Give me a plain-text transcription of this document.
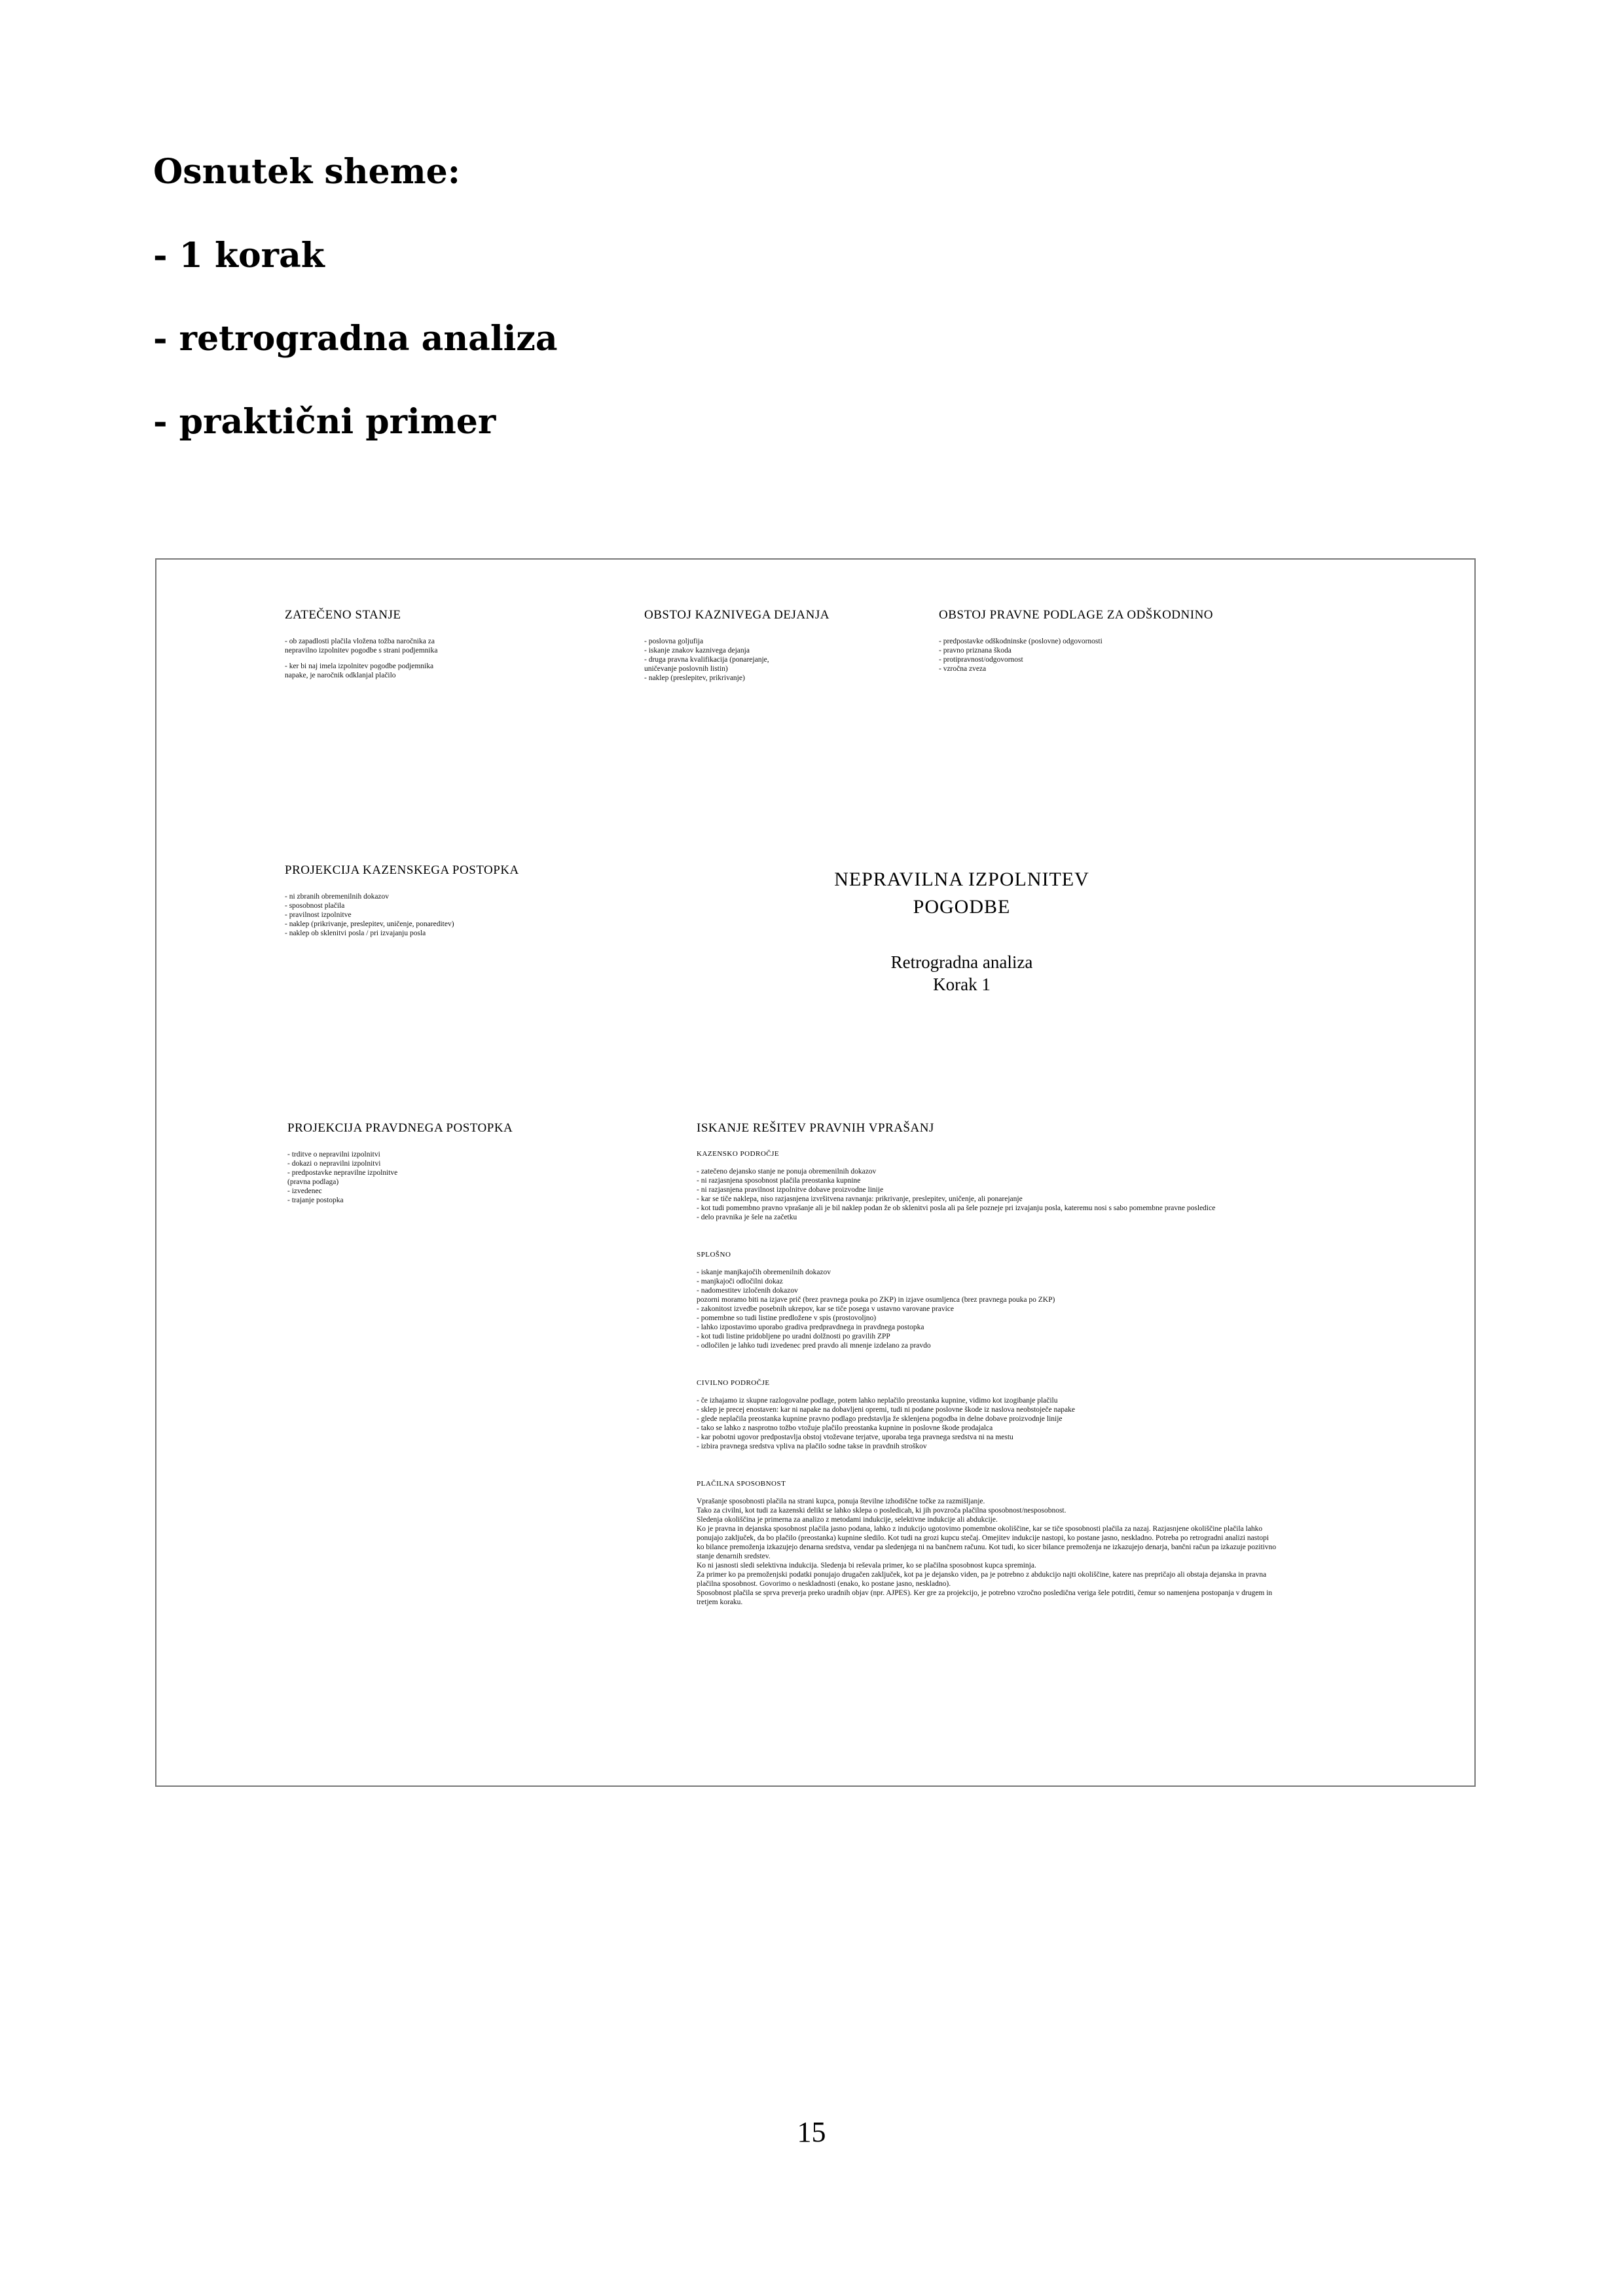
Osnutek sheme:
- 1 korak
- retrogradna analiza
- praktični primer
ZATEČENO STANJE
- ob zapadlosti plačila vložena tožba naročnika za
nepravilno izpolnitev pogodbe s strani podjemnika
- ker bi naj imela izpolnitev pogodbe podjemnika
napake, je naročnik odklanjal plačilo
OBSTOJ KAZNIVEGA DEJANJA
- poslovna goljufija
- iskanje znakov kaznivega dejanja
- druga pravna kvalifikacija (ponarejanje,
uničevanje poslovnih listin)
- naklep (preslepitev, prikrivanje)
OBSTOJ PRAVNE PODLAGE ZA ODŠKODNINO
- predpostavke odškodninske (poslovne) odgovornosti
- pravno priznana škoda
- protipravnost/odgovornost
- vzročna zveza
PROJEKCIJA KAZENSKEGA POSTOPKA
- ni zbranih obremenilnih dokazov
- sposobnost plačila
- pravilnost izpolnitve
- naklep (prikrivanje, preslepitev, uničenje, ponareditev)
- naklep ob sklenitvi posla / pri izvajanju posla
NEPRAVILNA IZPOLNITEV
POGODBE
Retrogradna analiza
Korak 1
PROJEKCIJA PRAVDNEGA POSTOPKA
- trditve o nepravilni izpolnitvi
- dokazi o nepravilni izpolnitvi
- predpostavke nepravilne izpolnitve
(pravna podlaga)
- izvedenec
- trajanje postopka
ISKANJE REŠITEV PRAVNIH VPRAŠANJ
KAZENSKO PODROČJE
- zatečeno dejansko stanje ne ponuja obremenilnih dokazov
- ni razjasnjena sposobnost plačila preostanka kupnine
- ni razjasnjena pravilnost izpolnitve dobave proizvodne linije
- kar se tiče naklepa, niso razjasnjena izvršitvena ravnanja: prikrivanje, preslepitev, uničenje, ali ponarejanje
- kot tudi pomembno pravno vprašanje ali je bil naklep podan že ob sklenitvi posla ali pa šele pozneje pri izvajanju posla, kateremu nosi s sabo pomembne pravne posledice
- delo pravnika je šele na začetku
SPLOŠNO
- iskanje manjkajočih obremenilnih dokazov
- manjkajoči odločilni dokaz
- nadomestitev izločenih dokazov
pozorni moramo biti na izjave prič (brez pravnega pouka po ZKP) in izjave osumljenca (brez pravnega pouka po ZKP)
- zakonitost izvedbe posebnih ukrepov, kar se tiče posega v ustavno varovane pravice
- pomembne so tudi listine predložene v spis (prostovoljno)
- lahko izpostavimo uporabo gradiva predpravdnega in pravdnega postopka
- kot tudi listine pridobljene po uradni dolžnosti po gravilih ZPP
- odločilen je lahko tudi izvedenec pred pravdo ali mnenje izdelano za pravdo
CIVILNO PODROČJE
- če izhajamo iz skupne razlogovalne podlage, potem lahko neplačilo preostanka kupnine, vidimo kot izogibanje plačilu
- sklep je precej enostaven: kar ni napake na dobavljeni opremi, tudi ni podane poslovne škode iz naslova neobstoječe napake
- glede neplačila preostanka kupnine pravno podlago predstavlja že sklenjena pogodba in delne dobave proizvodnje linije
- tako se lahko z nasprotno tožbo vtožuje plačilo preostanka kupnine in poslovne škode prodajalca
- kar pobotni ugovor predpostavlja obstoj vtoževane terjatve, uporaba tega pravnega sredstva ni na mestu
- izbira pravnega sredstva vpliva na plačilo sodne takse in pravdnih stroškov
PLAČILNA SPOSOBNOST
Vprašanje sposobnosti plačila na strani kupca, ponuja številne izhodiščne točke za razmišljanje.
Tako za civilni, kot tudi za kazenski delikt se lahko sklepa o posledicah, ki jih povzroča plačilna sposobnost/nesposobnost.
Sledenja okoliščina je primerna za analizo z metodami indukcije, selektivne indukcije ali abdukcije.
Ko je pravna in dejanska sposobnost plačila jasno podana, lahko z indukcijo ugotovimo pomembne okoliščine, kar se tiče sposobnosti plačila za nazaj. Razjasnjene okoliščine plačila lahko
ponujajo zaključek, da bo plačilo (preostanka) kupnine sledilo. Kot tudi na grozi kupcu stečaj. Omejitev indukcije nastopi, ko postane jasno, neskladno. Potreba po retrogradni analizi nastopi
ko bilance premoženja izkazujejo denarna sredstva, vendar pa sledenjega ni na bančnem računu. Kot tudi, ko sicer bilance premoženja ne izkazujejo denarja, bančni račun pa izkazuje pozitivno
stanje denarnih sredstev.
Ko ni jasnosti sledi selektivna indukcija. Sledenja bi reševala primer, ko se plačilna sposobnost kupca spreminja.
Za primer ko pa premoženjski podatki ponujajo drugačen zaključek, kot pa je dejansko viden, pa je potrebno z abdukcijo najti okoliščine, katere nas prepričajo ali obstaja dejanska in pravna
plačilna sposobnost. Govorimo o neskladnosti (enako, ko postane jasno, neskladno).
Sposobnost plačila se sprva preverja preko uradnih objav (npr. AJPES). Ker gre za projekcijo, je potrebno vzročno posledična veriga šele potrditi, čemur so namenjena postopanja v drugem in
tretjem koraku.
15
